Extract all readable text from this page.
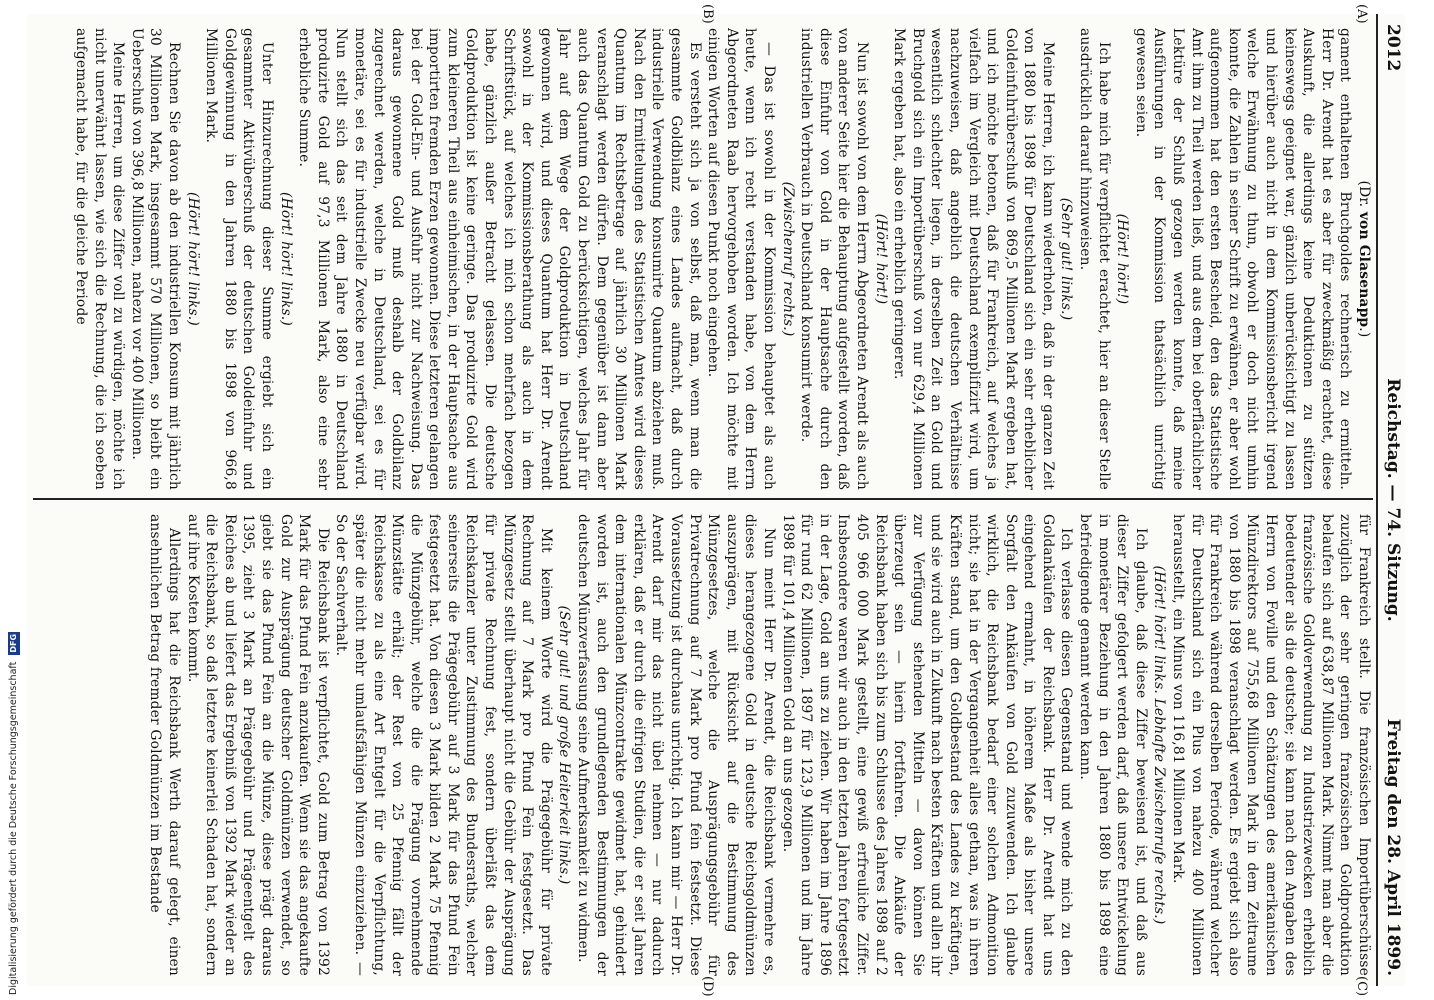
2012
Reichstag. — 74. Sitzung.
Freitag den 28. April 1899.
(A)
(B)
(C)
(D)

(Dr. von Glasenapp.)

gament enthaltenen Bruchgoldes rechnerisch zu ermitteln. Herr Dr. Arendt hat es aber für zweckmäßig erachtet, diese Auskunft, die allerdings keine Deduktionen zu stützen keineswegs geeignet war, gänzlich unberücksichtigt zu lassen und hierüber auch nicht in dem Kommissionsbericht irgend welche Erwähnung zu thun, obwohl er doch nicht umhin konnte, die Zahlen in seiner Schrift zu erwähnen, er aber wohl aufgenommen hat den ersten Bescheid, den das Statistische Amt ihm zu Theil werden ließ, und aus dem bei oberflächlicher Lektüre der Schluß gezogen werden konnte, daß meine Ausführungen in der Kommission thatsächlich unrichtig gewesen seien.

(Hört! hört!)

Ich habe mich für verpflichtet erachtet, hier an dieser Stelle ausdrücklich darauf hinzuweisen.

(Sehr gut! links.)

Meine Herren, ich kann wiederholen, daß in der ganzen Zeit von 1880 bis 1898 für Deutschland sich ein sehr erheblicher Goldeinfuhrüberschuß von 869,5 Millionen Mark ergeben hat, und ich möchte betonen, daß für Frankreich, auf welches ja vielfach im Vergleich mit Deutschland exemplifizirt wird, um nachzuweisen, daß angeblich die deutschen Verhältnisse wesentlich schlechter liegen, in derselben Zeit an Gold und Bruchgold sich ein Importüberschuß von nur 629,4 Millionen Mark ergeben hat, also ein erheblich geringerer.

(Hört! hört!)

Nun ist sowohl von dem Herrn Abgeordneten Arendt als auch von anderer Seite hier die Behauptung aufgestellt worden, daß diese Einfuhr von Gold in der Hauptsache durch den industriellen Verbrauch in Deutschland konsumirt werde.

(Zwischenruf rechts.)

— Das ist sowohl in der Kommission behauptet als auch heute, wenn ich recht verstanden habe, von dem Herrn Abgeordneten Raab hervorgehoben worden. Ich möchte mit einigen Worten auf diesen Punkt noch eingehen.

Es versteht sich ja von selbst, daß man, wenn man die gesammte Goldbilanz eines Landes aufmacht, daß durch industrielle Verwendung konsumirte Quantum abziehen muß. Nach den Ermittelungen des Statistischen Amtes wird dieses Quantum im Rechtsbetrage auf jährlich 30 Millionen Mark veranschlagt werden dürfen. Dem gegenüber ist dann aber auch das Quantum Gold zu berücksichtigen, welches Jahr für Jahr auf dem Wege der Goldproduktion in Deutschland gewonnen wird, und dieses Quantum hat Herr Dr. Arendt sowohl in der Kommissionsberathung als auch in dem Schriftstück, auf welches ich mich schon mehrfach bezogen habe, gänzlich außer Betracht gelassen. Die deutsche Goldproduktion ist keine geringe. Das produzirte Gold wird zum kleineren Theil aus einheimischen, in der Hauptsache aus importirten fremden Erzen gewonnen. Diese letzteren gelangen bei der Gold-Ein- und Ausfuhr nicht zur Nachweisung. Das daraus gewonnene Gold muß deshalb der Goldbilanz zugerechnet werden, welche in Deutschland, sei es für monetäre, sei es für industrielle Zwecke neu verfügbar wird. Nun stellt sich das seit dem Jahre 1880 in Deutschland produzirte Gold auf 97,3 Millionen Mark, also eine sehr erhebliche Summe.

(Hört! hört! links.)

Unter Hinzurechnung dieser Summe ergiebt sich ein gesammter Aktivüberschuß der deutschen Goldeinfuhr und Goldgewinnung in den Jahren 1880 bis 1898 von 966,8 Millionen Mark.

(Hört! hört! links.)

Rechnen Sie davon ab den industriellen Konsum mit jährlich 30 Millionen Mark, insgesammt 570 Millionen, so bleibt ein Ueberschuß von 396,8 Millionen, nahezu vor 400 Millionen.

Meine Herren, um diese Ziffer voll zu würdigen, möchte ich nicht unerwähnt lassen, wie sich die Rechnung, die ich soeben aufgemacht habe, für die gleiche Periode

für Frankreich stellt. Die französischen Importüberschüsse zuzüglich der sehr geringen französischen Goldproduktion belaufen sich auf 638,87 Millionen Mark. Nimmt man aber die französische Goldverwendung zu Industriezwecken erheblich bedeutender als die deutsche; sie kann nach den Angaben des Herrn von Foville und den Schätzungen des amerikanischen Münzdirektors auf 755,68 Millionen Mark in dem Zeitraume von 1880 bis 1898 veranschlagt werden. Es ergiebt sich also für Frankreich während derselben Periode, während welcher für Deutschland sich ein Plus von nahezu 400 Millionen herausstellt, ein Minus von 116,81 Millionen Mark.

(Hört! hört! links. Lebhafte Zwischenrufe rechts.)

Ich glaube, daß diese Ziffer beweisend ist, und daß aus dieser Ziffer gefolgert werden darf, daß unsere Entwickelung in monetärer Beziehung in den Jahren 1880 bis 1898 eine befriedigende genannt werden kann.

Ich verlasse diesen Gegenstand und wende mich zu den Goldankäufen der Reichsbank. Herr Dr. Arendt hat uns eingehend ermahnt, in höherem Maße als bisher unsere Sorgfalt den Ankäufen von Gold zuzuwenden. Ich glaube wirklich, die Reichsbank bedarf einer solchen Admonition nicht; sie hat in der Vergangenheit alles gethan, was in ihren Kräften stand, um den Goldbestand des Landes zu kräftigen, und sie wird auch in Zukunft nach besten Kräften und allen ihr zur Verfügung stehenden Mitteln — davon können Sie überzeugt sein — hierin fortfahren. Die Ankäufe der Reichsbank haben sich bis zum Schlusse des Jahres 1898 auf 2 405 966 000 Mark gestellt, eine gewiß erfreuliche Ziffer. Insbesondere waren wir auch in den letzten Jahren fortgesetzt in der Lage, Gold an uns zu ziehen. Wir haben im Jahre 1896 für rund 62 Millionen, 1897 für 123,9 Millionen und im Jahre 1898 für 101,4 Millionen Gold an uns gezogen.

Nun meint Herr Dr. Arendt, die Reichsbank vermehre es, dieses herangezogene Gold in deutsche Reichsgoldmünzen auszuprägen, mit Rücksicht auf die Bestimmung des Münzgesetzes, welche die Ausprägungsgebühr für Privatrechnung auf 7 Mark pro Pfund fein festsetzt. Diese Voraussetzung ist durchaus unrichtig. Ich kann mir — Herr Dr. Arendt darf mir das nicht übel nehmen — nur dadurch erklären, daß er durch die eifrigen Studien, die er seit Jahren dem internationalen Münzcontrakte gewidmet hat, gehindert worden ist, auch den grundlegenden Bestimmungen der deutschen Münzverfassung seine Aufmerksamkeit zu widmen.

(Sehr gut! und große Heiterkeit links.)

Mit keinem Worte wird die Prägegebühr für private Rechnung auf 7 Mark pro Pfund Fein festgesetzt. Das Münzgesetz stellt überhaupt nicht die Gebühr der Ausprägung für private Rechnung fest, sondern überläßt das dem Reichskanzler unter Zustimmung des Bundesraths, welcher seinerseits die Prägegebühr auf 3 Mark für das Pfund Fein festgesetzt hat. Von diesen 3 Mark bilden 2 Mark 75 Pfennig die Münzgebühr, welche die die Prägung vornehmende Münzstätte erhält; der Rest von 25 Pfennig fällt der Reichskasse zu als eine Art Entgelt für die Verpflichtung, später die nicht mehr umlaufsfähigen Münzen einzuziehen. — So der Sachverhalt.

Die Reichsbank ist verpflichtet, Gold zum Betrag von 1392 Mark für das Pfund Fein anzukaufen. Wenn sie das angekaufte Gold zur Ausprägung deutscher Goldmünzen verwendet, so giebt sie das Pfund Fein an die Münze, diese prägt daraus 1395, zieht 3 Mark an Prägegebühr und Prägeentgelt des Reiches ab und liefert das Ergebniß von 1392 Mark wieder an die Reichsbank, so daß letztere keinerlei Schaden hat, sondern auf ihre Kosten kommt.

Allerdings hat die Reichsbank Werth darauf gelegt, einen ansehnlichen Betrag fremder Goldmünzen im Bestande

Digitalisierung gefördert durch die Deutsche Forschungsgemeinschaft DFG
